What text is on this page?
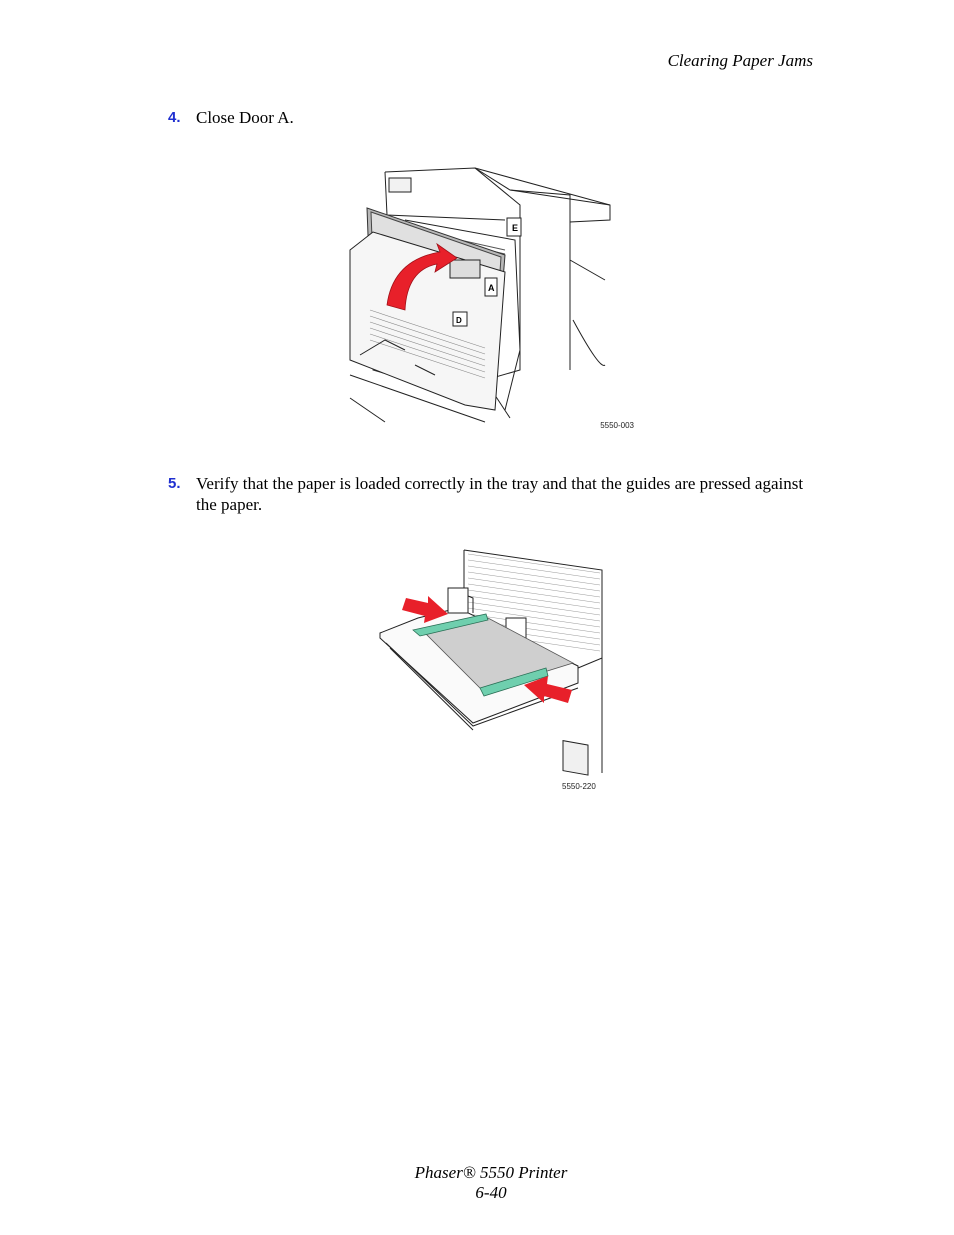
Clearing Paper Jams
4. Close Door A.
E
A
D
5550-003
5. Verify that the paper is loaded correctly in the tray and that the guides are pressed against the paper.
5550-220
Phaser® 5550 Printer
6-40
